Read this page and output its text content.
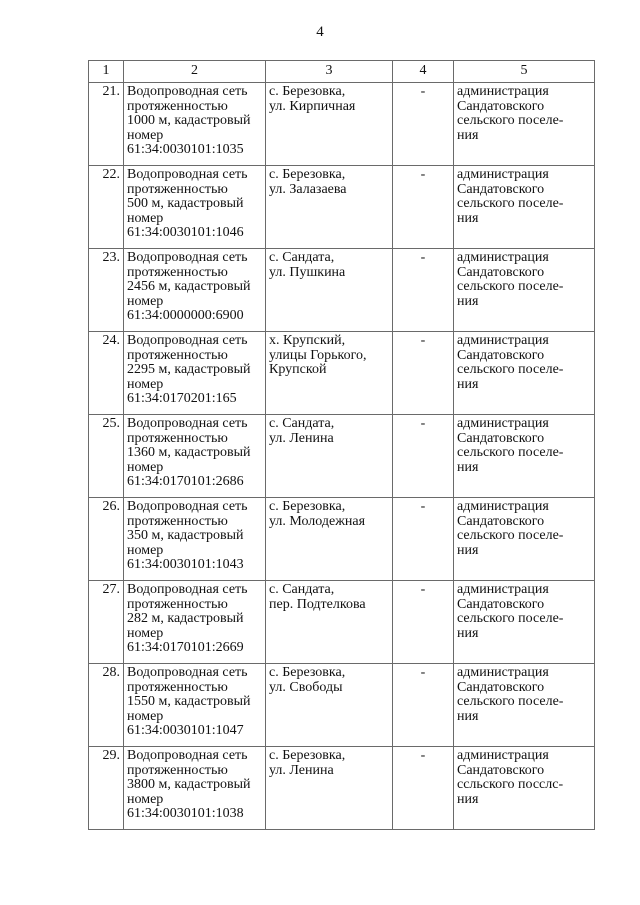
4
1	2	3	4	5
21.	Водопроводная сеть
протяженностью
1000 м, кадастровый
номер
61:34:0030101:1035	с. Березовка,
ул. Кирпичная	-	администрация
Сандатовского
сельского поселе-
ния

22.	Водопроводная сеть
протяженностью
500 м, кадастровый
номер
61:34:0030101:1046	с. Березовка,
ул. Залазаева	-	администрация
Сандатовского
сельского поселе-
ния

23.	Водопроводная сеть
протяженностью
2456 м, кадастровый
номер
61:34:0000000:6900	с. Сандата,
ул. Пушкина	-	администрация
Сандатовского
сельского поселе-
ния

24.	Водопроводная сеть
протяженностью
2295 м, кадастровый
номер
61:34:0170201:165	х. Крупский,
улицы Горького,
Крупской	-	администрация
Сандатовского
сельского поселе-
ния

25.	Водопроводная сеть
протяженностью
1360 м, кадастровый
номер
61:34:0170101:2686	с. Сандата,
ул. Ленина	-	администрация
Сандатовского
сельского поселе-
ния

26.	Водопроводная сеть
протяженностью
350 м, кадастровый
номер
61:34:0030101:1043	с. Березовка,
ул. Молодежная	-	администрация
Сандатовского
сельского поселе-
ния

27.	Водопроводная сеть
протяженностью
282 м, кадастровый
номер
61:34:0170101:2669	с. Сандата,
пер. Подтелкова	-	администрация
Сандатовского
сельского поселе-
ния

28.	Водопроводная сеть
протяженностью
1550 м, кадастровый
номер
61:34:0030101:1047	с. Березовка,
ул. Свободы	-	администрация
Сандатовского
сельского поселе-
ния

29.	Водопроводная сеть
протяженностью
3800 м, кадастровый
номер
61:34:0030101:1038	с. Березовка,
ул. Ленина	-	администрация
Сандатовского
ссльского посслс-
ния
